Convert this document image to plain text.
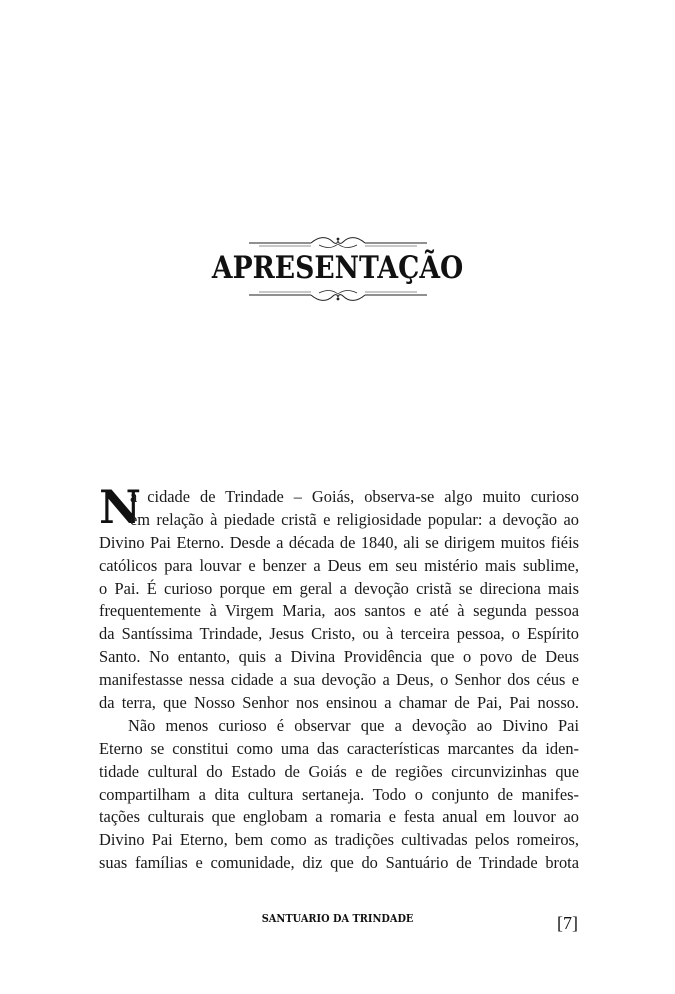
APRESENTAÇÃO
N
a cidade de Trindade – Goiás, observa-se algo muito curioso
em relação à piedade cristã e religiosidade popular: a devoção ao
Divino Pai Eterno. Desde a década de 1840, ali se dirigem muitos fiéis
católicos para louvar e benzer a Deus em seu mistério mais sublime,
o Pai. É curioso porque em geral a devoção cristã se direciona mais
frequentemente à Virgem Maria, aos santos e até à segunda pessoa
da Santíssima Trindade, Jesus Cristo, ou à terceira pessoa, o Espírito
Santo. No entanto, quis a Divina Providência que o povo de Deus
manifestasse nessa cidade a sua devoção a Deus, o Senhor dos céus e
da terra, que Nosso Senhor nos ensinou a chamar de Pai, Pai nosso.
Não menos curioso é observar que a devoção ao Divino Pai
Eterno se constitui como uma das características marcantes da iden-
tidade cultural do Estado de Goiás e de regiões circunvizinhas que
compartilham a dita cultura sertaneja. Todo o conjunto de manifes-
tações culturais que englobam a romaria e festa anual em louvor ao
Divino Pai Eterno, bem como as tradições cultivadas pelos romeiros,
suas famílias e comunidade, diz que do Santuário de Trindade brota
SANTUARIO DA TRINDADE	[7]
